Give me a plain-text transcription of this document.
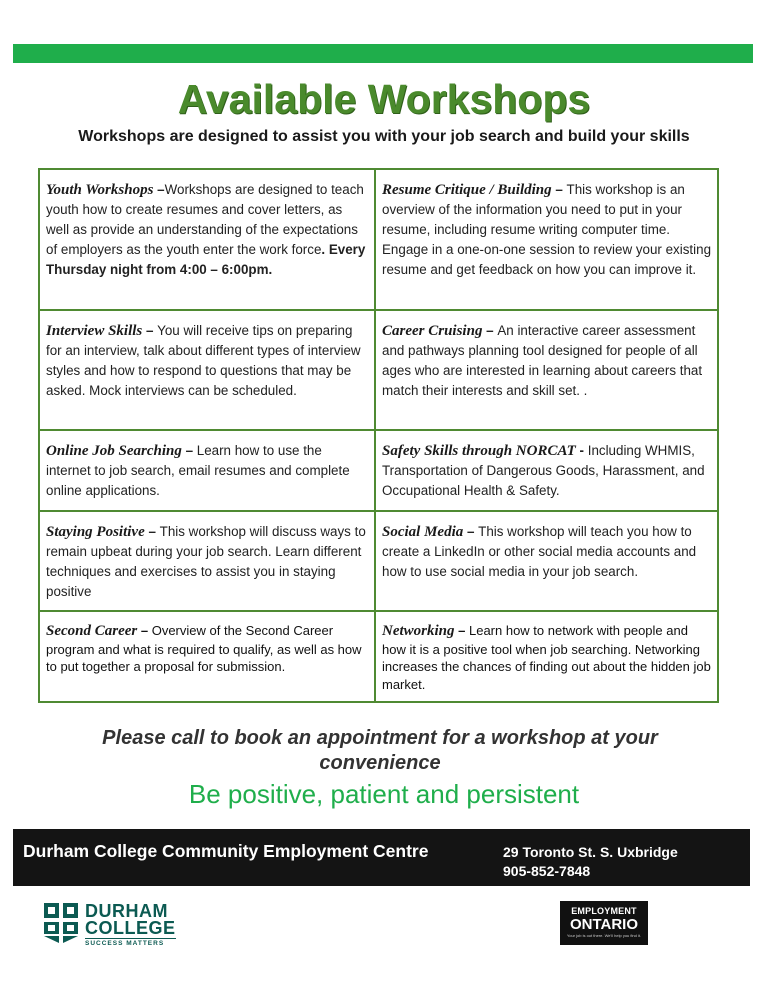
Available Workshops
Workshops are designed to assist you with your job search and build your skills
Youth Workshops –Workshops are designed to teach youth how to create resumes and cover letters, as well as provide an understanding of the expectations of employers as the youth enter the work force. Every Thursday night from 4:00 – 6:00pm.
Resume Critique / Building – This workshop is an overview of the information you need to put in your resume, including resume writing computer time. Engage in a one-on-one session to review your existing resume and get feedback on how you can improve it.
Interview Skills – You will receive tips on preparing for an interview, talk about different types of interview styles and how to respond to questions that may be asked. Mock interviews can be scheduled.
Career Cruising – An interactive career assessment and pathways planning tool designed for people of all ages who are interested in learning about careers that match their interests and skill set. .
Online Job Searching – Learn how to use the internet to job search, email resumes and complete online applications.
Safety Skills through NORCAT - Including WHMIS, Transportation of Dangerous Goods, Harassment, and Occupational Health & Safety.
Staying Positive – This workshop will discuss ways to remain upbeat during your job search. Learn different techniques and exercises to assist you in staying positive
Social Media – This workshop will teach you how to create a LinkedIn or other social media accounts and how to use social media in your job search.
Second Career – Overview of the Second Career program and what is required to qualify, as well as how to put together a proposal for submission.
Networking – Learn how to network with people and how it is a positive tool when job searching. Networking increases the chances of finding out about the hidden job market.
Please call to book an appointment for a workshop at your convenience
Be positive, patient and persistent
Durham College Community Employment Centre	29 Toronto St. S. Uxbridge
905-852-7848
DURHAM
COLLEGE
SUCCESS MATTERS
EMPLOYMENT
ONTARIO
Your job is out there. We'll help you find it.
